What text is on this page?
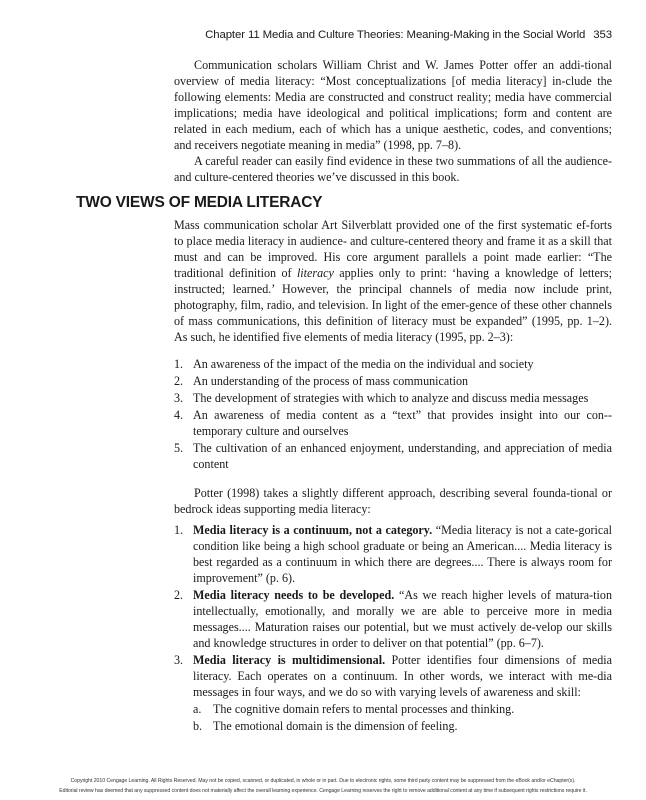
Chapter 11 Media and Culture Theories: Meaning-Making in the Social World 353

Communication scholars William Christ and W. James Potter offer an addi-tional overview of media literacy: “Most conceptualizations [of media literacy] in-clude the following elements: Media are constructed and construct reality; media have commercial implications; media have ideological and political implications; form and content are related in each medium, each of which has a unique aesthetic, codes, and conventions; and receivers negotiate meaning in media” (1998, pp. 7–8).

A careful reader can easily find evidence in these two summations of all the audience- and culture-centered theories we’ve discussed in this book.

TWO VIEWS OF MEDIA LITERACY

Mass communication scholar Art Silverblatt provided one of the first systematic ef-forts to place media literacy in audience- and culture-centered theory and frame it as a skill that must and can be improved. His core argument parallels a point made earlier: “The traditional definition of literacy applies only to print: ‘having a knowledge of letters; instructed; learned.’ However, the principal channels of media now include print, photography, film, radio, and television. In light of the emer-gence of these other channels of mass communications, this definition of literacy must be expanded” (1995, pp. 1–2). As such, he identified five elements of media literacy (1995, pp. 2–3):

1. An awareness of the impact of the media on the individual and society
2. An understanding of the process of mass communication
3. The development of strategies with which to analyze and discuss media messages
4. An awareness of media content as a “text” that provides insight into our con-temporary culture and ourselves
5. The cultivation of an enhanced enjoyment, understanding, and appreciation of media content

Potter (1998) takes a slightly different approach, describing several founda-tional or bedrock ideas supporting media literacy:

1. Media literacy is a continuum, not a category. “Media literacy is not a cate-gorical condition like being a high school graduate or being an American.... Media literacy is best regarded as a continuum in which there are degrees.... There is always room for improvement” (p. 6).
2. Media literacy needs to be developed. “As we reach higher levels of matura-tion intellectually, emotionally, and morally we are able to perceive more in media messages.... Maturation raises our potential, but we must actively de-velop our skills and knowledge structures in order to deliver on that potential” (pp. 6–7).
3. Media literacy is multidimensional. Potter identifies four dimensions of media literacy. Each operates on a continuum. In other words, we interact with me-dia messages in four ways, and we do so with varying levels of awareness and skill:
a. The cognitive domain refers to mental processes and thinking.
b. The emotional domain is the dimension of feeling.
Copyright 2010 Cengage Learning. All Rights Reserved. May not be copied, scanned, or duplicated, in whole or in part. Due to electronic rights, some third party content may be suppressed from the eBook and/or eChapter(s).
Editorial review has deemed that any suppressed content does not materially affect the overall learning experience. Cengage Learning reserves the right to remove additional content at any time if subsequent rights restrictions require it.
